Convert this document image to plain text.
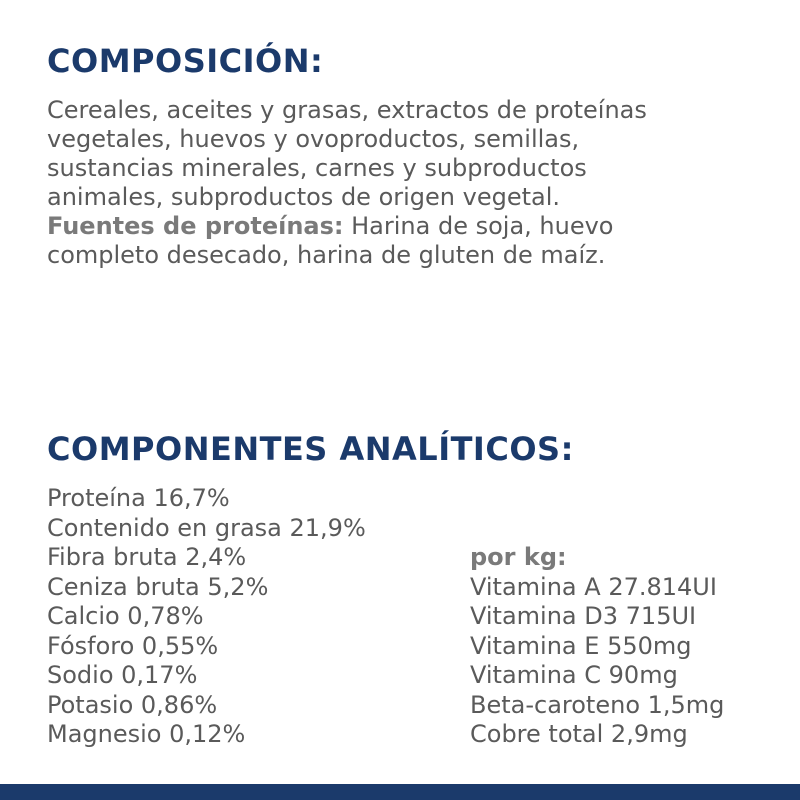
COMPOSICIÓN:

Cereales, aceites y grasas, extractos de proteínas
vegetales, huevos y ovoproductos, semillas,
sustancias minerales, carnes y subproductos
animales, subproductos de origen vegetal.
Fuentes de proteínas: Harina de soja, huevo
completo desecado, harina de gluten de maíz.

COMPONENTES ANALÍTICOS:
Proteína 16,7%
Contenido en grasa 21,9%
Fibra bruta 2,4%
Ceniza bruta 5,2%
Calcio 0,78%
Fósforo 0,55%
Sodio 0,17%
Potasio 0,86%
Magnesio 0,12%
por kg:
Vitamina A 27.814UI
Vitamina D3 715UI
Vitamina E 550mg
Vitamina C 90mg
Beta-caroteno 1,5mg
Cobre total 2,9mg
